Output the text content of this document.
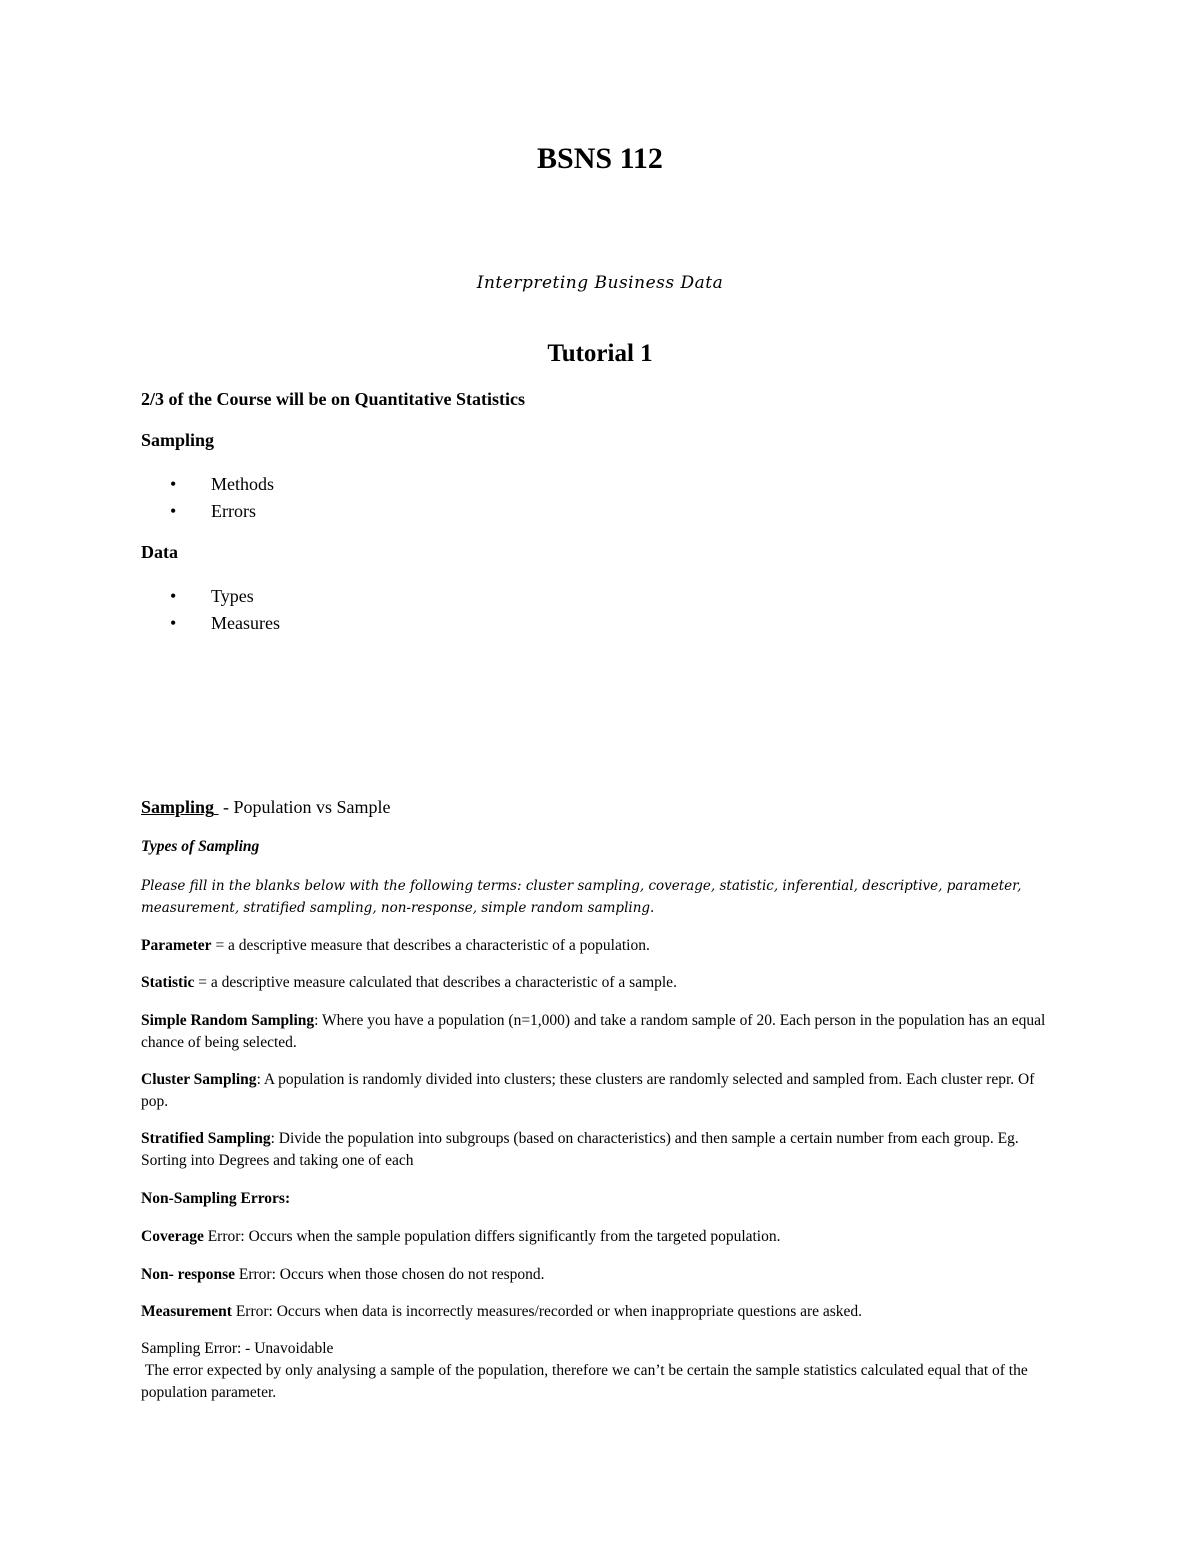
BSNS 112
Interpreting Business Data
Tutorial 1
2/3 of the Course will be on Quantitative Statistics
Sampling
• Methods
• Errors
Data
• Types
• Measures
Sampling  - Population vs Sample
Types of Sampling
Please fill in the blanks below with the following terms: cluster sampling, coverage, statistic, inferential, descriptive, parameter, measurement, stratified sampling, non-response, simple random sampling.
Parameter = a descriptive measure that describes a characteristic of a population.
Statistic = a descriptive measure calculated that describes a characteristic of a sample.
Simple Random Sampling: Where you have a population (n=1,000) and take a random sample of 20. Each person in the population has an equal chance of being selected.
Cluster Sampling: A population is randomly divided into clusters; these clusters are randomly selected and sampled from. Each cluster repr. Of pop.
Stratified Sampling: Divide the population into subgroups (based on characteristics) and then sample a certain number from each group. Eg. Sorting into Degrees and taking one of each
Non-Sampling Errors:
Coverage Error: Occurs when the sample population differs significantly from the targeted population.
Non- response Error: Occurs when those chosen do not respond.
Measurement Error: Occurs when data is incorrectly measures/recorded or when inappropriate questions are asked.
Sampling Error: - Unavoidable
The error expected by only analysing a sample of the population, therefore we can’t be certain the sample statistics calculated equal that of the population parameter.
